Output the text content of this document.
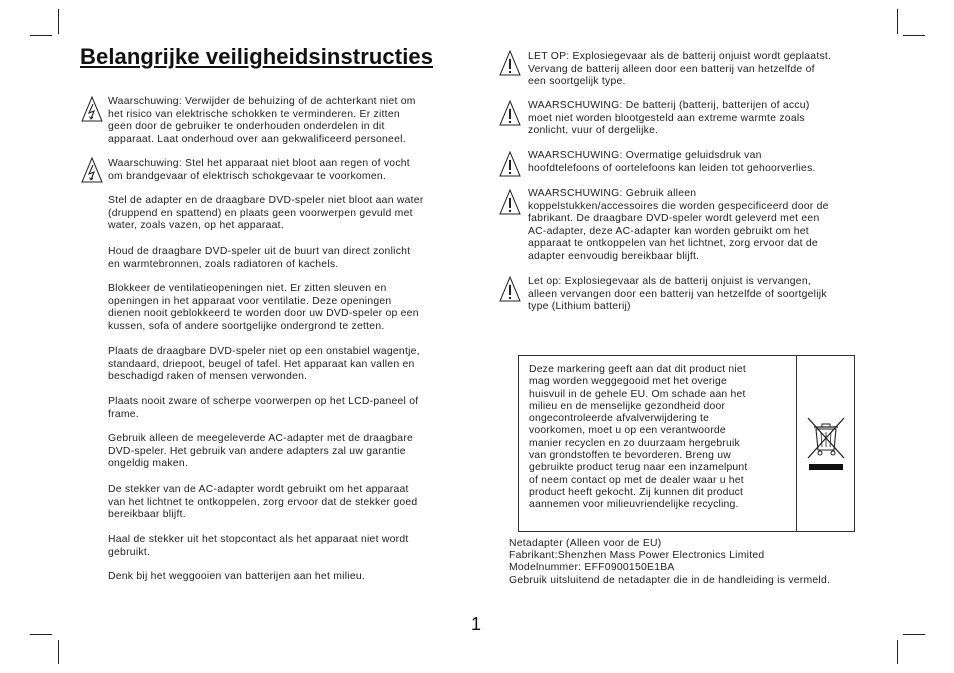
Belangrijke veiligheidsinstructies
Waarschuwing: Verwijder de behuizing of de achterkant niet om
het risico van elektrische schokken te verminderen. Er zitten
geen door de gebruiker te onderhouden onderdelen in dit
apparaat. Laat onderhoud over aan gekwalificeerd personeel.
Waarschuwing: Stel het apparaat niet bloot aan regen of vocht
om brandgevaar of elektrisch schokgevaar te voorkomen.
Stel de adapter en de draagbare DVD-speler niet bloot aan water
(druppend en spattend) en plaats geen voorwerpen gevuld met
water, zoals vazen, op het apparaat.
Houd de draagbare DVD-speler uit de buurt van direct zonlicht
en warmtebronnen, zoals radiatoren of kachels.
Blokkeer de ventilatieopeningen niet. Er zitten sleuven en
openingen in het apparaat voor ventilatie. Deze openingen
dienen nooit geblokkeerd te worden door uw DVD-speler op een
kussen, sofa of andere soortgelijke ondergrond te zetten.
Plaats de draagbare DVD-speler niet op een onstabiel wagentje,
standaard, driepoot, beugel of tafel. Het apparaat kan vallen en
beschadigd raken of mensen verwonden.
Plaats nooit zware of scherpe voorwerpen op het LCD-paneel of
frame.
Gebruik alleen de meegeleverde AC-adapter met de draagbare
DVD-speler. Het gebruik van andere adapters zal uw garantie
ongeldig maken.
De stekker van de AC-adapter wordt gebruikt om het apparaat
van het lichtnet te ontkoppelen, zorg ervoor dat de stekker goed
bereikbaar blijft.
Haal de stekker uit het stopcontact als het apparaat niet wordt
gebruikt.
Denk bij het weggooien van batterijen aan het milieu.
LET OP: Explosiegevaar als de batterij onjuist wordt geplaatst.
Vervang de batterij alleen door een batterij van hetzelfde of
een soortgelijk type.
WAARSCHUWING: De batterij (batterij, batterijen of accu)
moet niet worden blootgesteld aan extreme warmte zoals
zonlicht, vuur of dergelijke.
WAARSCHUWING: Overmatige geluidsdruk van
hoofdtelefoons of oortelefoons kan leiden tot gehoorverlies.
WAARSCHUWING: Gebruik alleen
koppelstukken/accessoires die worden gespecificeerd door de
fabrikant. De draagbare DVD-speler wordt geleverd met een
AC-adapter, deze AC-adapter kan worden gebruikt om het
apparaat te ontkoppelen van het lichtnet, zorg ervoor dat de
adapter eenvoudig bereikbaar blijft.
Let op: Explosiegevaar als de batterij onjuist is vervangen,
alleen vervangen door een batterij van hetzelfde of soortgelijk
type (Lithium batterij)
Deze markering geeft aan dat dit product niet
mag worden weggegooid met het overige
huisvuil in de gehele EU. Om schade aan het
milieu en de menselijke gezondheid door
ongecontroleerde afvalverwijdering te
voorkomen, moet u op een verantwoorde
manier recyclen en zo duurzaam hergebruik
van grondstoffen te bevorderen. Breng uw
gebruikte product terug naar een inzamelpunt
of neem contact op met de dealer waar u het
product heeft gekocht. Zij kunnen dit product
aannemen voor milieuvriendelijke recycling.
Netadapter (Alleen voor de EU)
Fabrikant:Shenzhen Mass Power Electronics Limited
Modelnummer: EFF0900150E1BA
Gebruik uitsluitend de netadapter die in de handleiding is vermeld.
1
